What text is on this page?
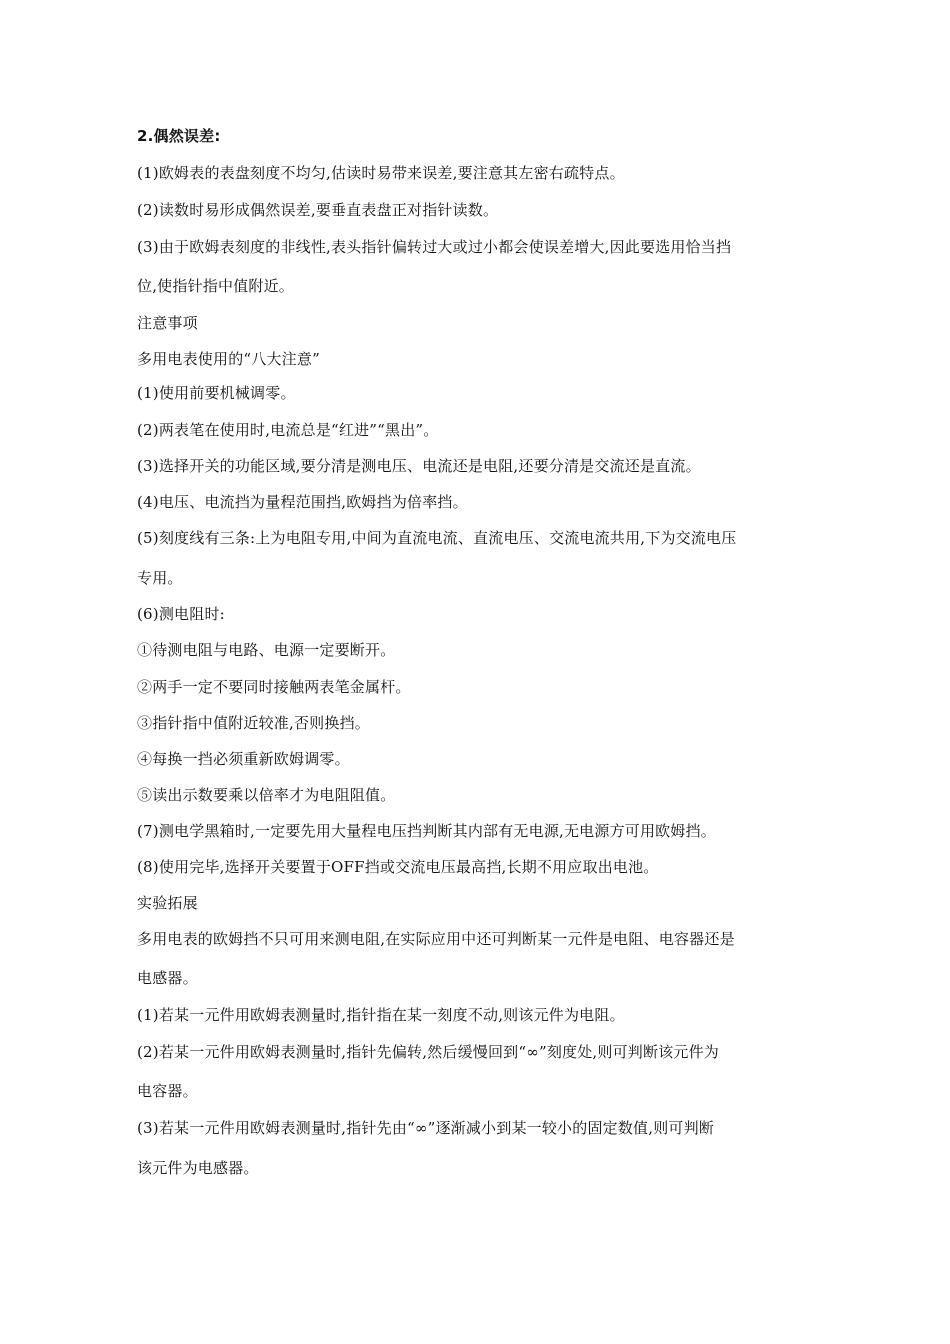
2.偶然误差:
(1)欧姆表的表盘刻度不均匀,估读时易带来误差,要注意其左密右疏特点。
(2)读数时易形成偶然误差,要垂直表盘正对指针读数。
(3)由于欧姆表刻度的非线性,表头指针偏转过大或过小都会使误差增大,因此要选用恰当挡
位,使指针指中值附近。
注意事项
多用电表使用的“八大注意”
(1)使用前要机械调零。
(2)两表笔在使用时,电流总是“红进”“黑出”。
(3)选择开关的功能区域,要分清是测电压、电流还是电阻,还要分清是交流还是直流。
(4)电压、电流挡为量程范围挡,欧姆挡为倍率挡。
(5)刻度线有三条:上为电阻专用,中间为直流电流、直流电压、交流电流共用,下为交流电压
专用。
(6)测电阻时:
①待测电阻与电路、电源一定要断开。
②两手一定不要同时接触两表笔金属杆。
③指针指中值附近较准,否则换挡。
④每换一挡必须重新欧姆调零。
⑤读出示数要乘以倍率才为电阻阻值。
(7)测电学黑箱时,一定要先用大量程电压挡判断其内部有无电源,无电源方可用欧姆挡。
(8)使用完毕,选择开关要置于OFF挡或交流电压最高挡,长期不用应取出电池。
实验拓展
多用电表的欧姆挡不只可用来测电阻,在实际应用中还可判断某一元件是电阻、电容器还是
电感器。
(1)若某一元件用欧姆表测量时,指针指在某一刻度不动,则该元件为电阻。
(2)若某一元件用欧姆表测量时,指针先偏转,然后缓慢回到“∞”刻度处,则可判断该元件为
电容器。
(3)若某一元件用欧姆表测量时,指针先由“∞”逐渐减小到某一较小的固定数值,则可判断
该元件为电感器。
